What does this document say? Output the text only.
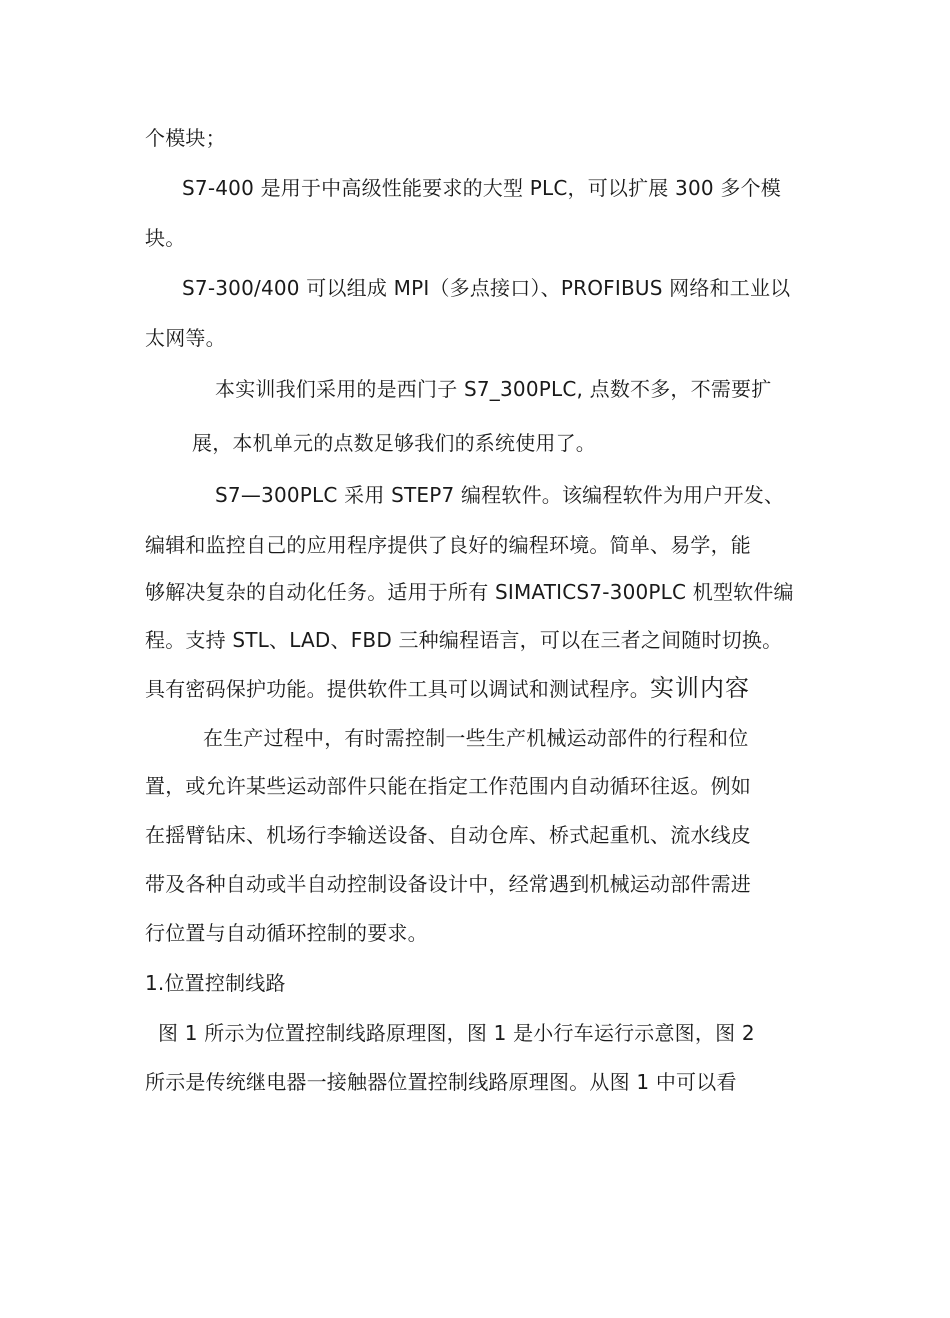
个模块；
S7-400 是用于中高级性能要求的大型 PLC，可以扩展 300 多个模
块。
S7-300/400 可以组成 MPI（多点接口）、PROFIBUS 网络和工业以
太网等。
本实训我们采用的是西门子 S7_300PLC, 点数不多，不需要扩
展，本机单元的点数足够我们的系统使用了。
S7—300PLC 采用 STEP7 编程软件。该编程软件为用户开发、
编辑和监控自己的应用程序提供了良好的编程环境。简单、易学，能
够解决复杂的自动化任务。适用于所有 SIMATICS7-300PLC 机型软件编
程。支持 STL、LAD、FBD 三种编程语言，可以在三者之间随时切换。
具有密码保护功能。提供软件工具可以调试和测试程序。实训内容
在生产过程中，有时需控制一些生产机械运动部件的行程和位
置，或允许某些运动部件只能在指定工作范围内自动循环往返。例如
在摇臂钻床、机场行李输送设备、自动仓库、桥式起重机、流水线皮
带及各种自动或半自动控制设备设计中，经常遇到机械运动部件需进
行位置与自动循环控制的要求。
1.位置控制线路
图 1 所示为位置控制线路原理图，图 1 是小行车运行示意图，图 2
所示是传统继电器一接触器位置控制线路原理图。从图 1 中可以看
